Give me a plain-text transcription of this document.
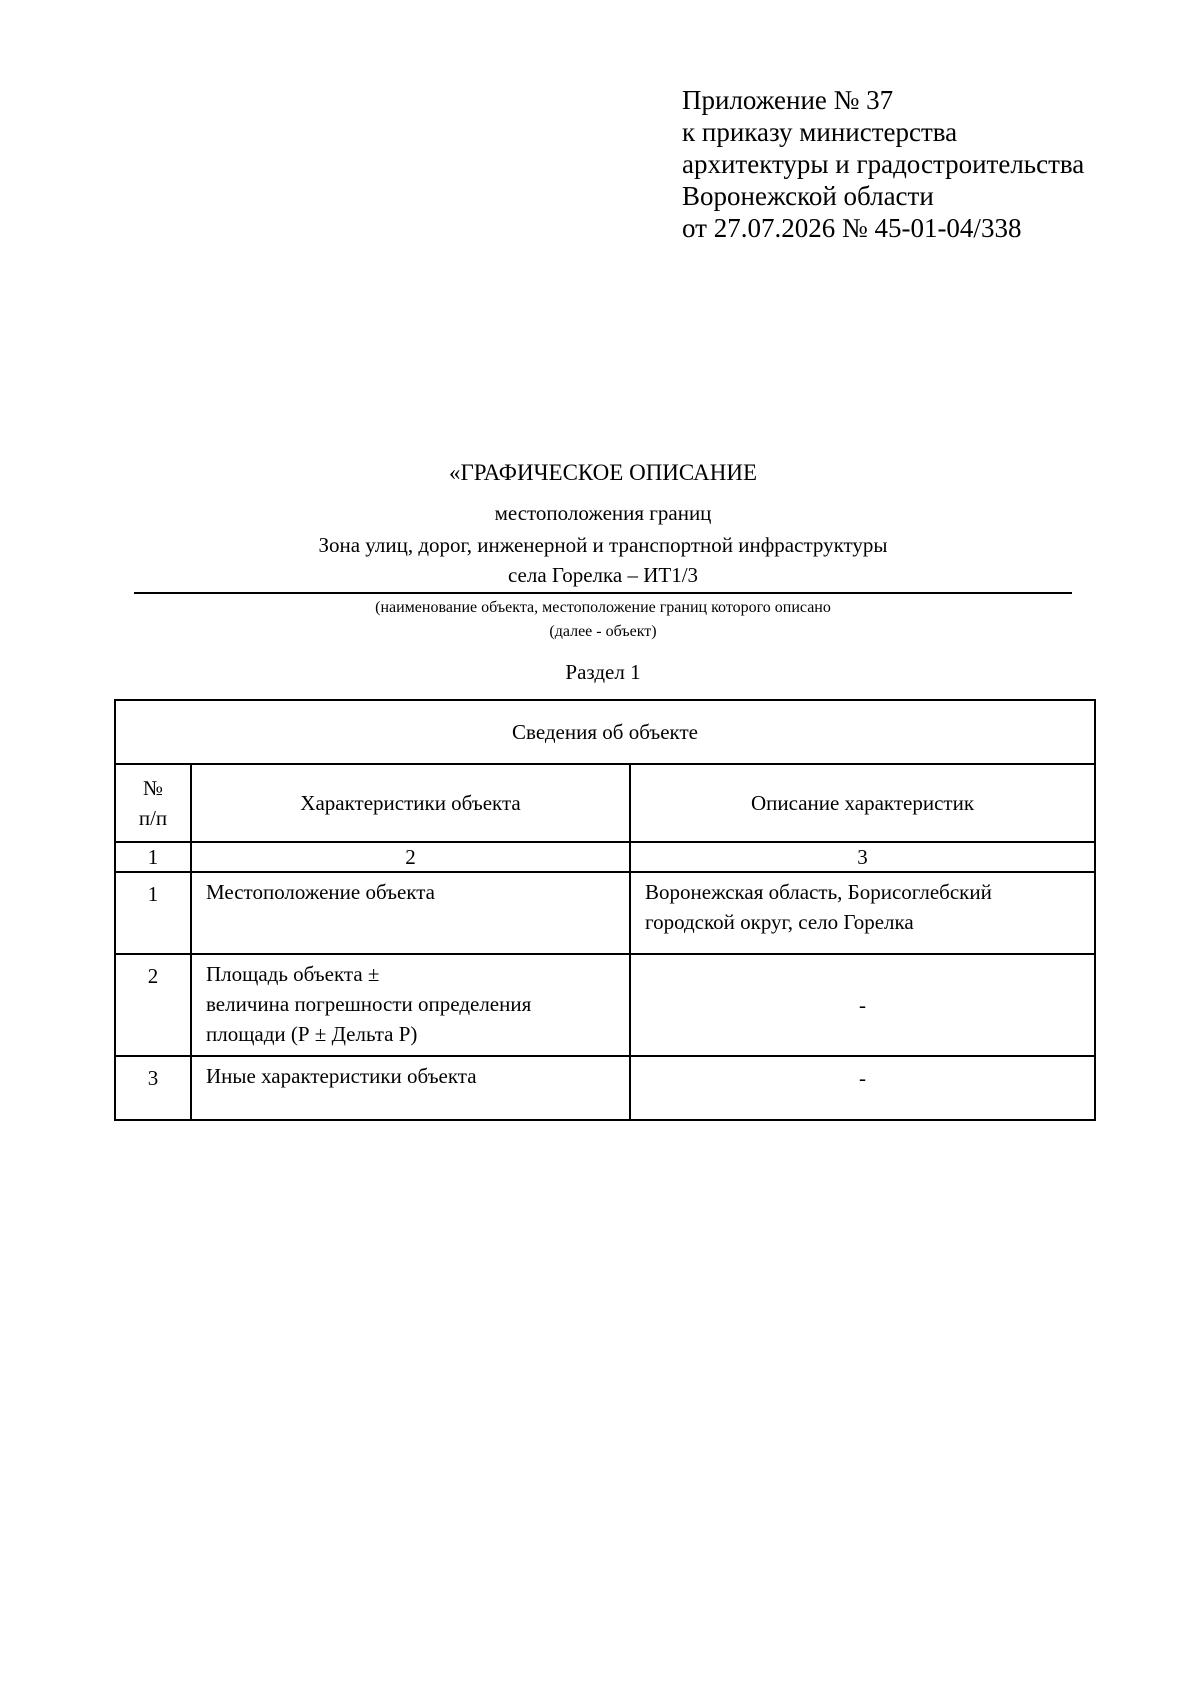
Приложение № 37
к приказу министерства
архитектуры и градостроительства
Воронежской области
от 27.07.2026 № 45-01-04/338
«ГРАФИЧЕСКОЕ ОПИСАНИЕ
местоположения границ
Зона улиц, дорог, инженерной и транспортной инфраструктуры
села Горелка – ИТ1/3
(наименование объекта, местоположение границ которого описано
(далее - объект)
Раздел 1
Сведения об объекте		

№
п/п	Характеристики объекта	Описание характеристик
1	2	3
1	Местоположение объекта	Воронежская область, Борисоглебский
городской округ, село Горелка

2	Площадь объекта ±
величина погрешности определения
площади (Р ± Дельта Р)	-
3	Иные характеристики объекта	-
